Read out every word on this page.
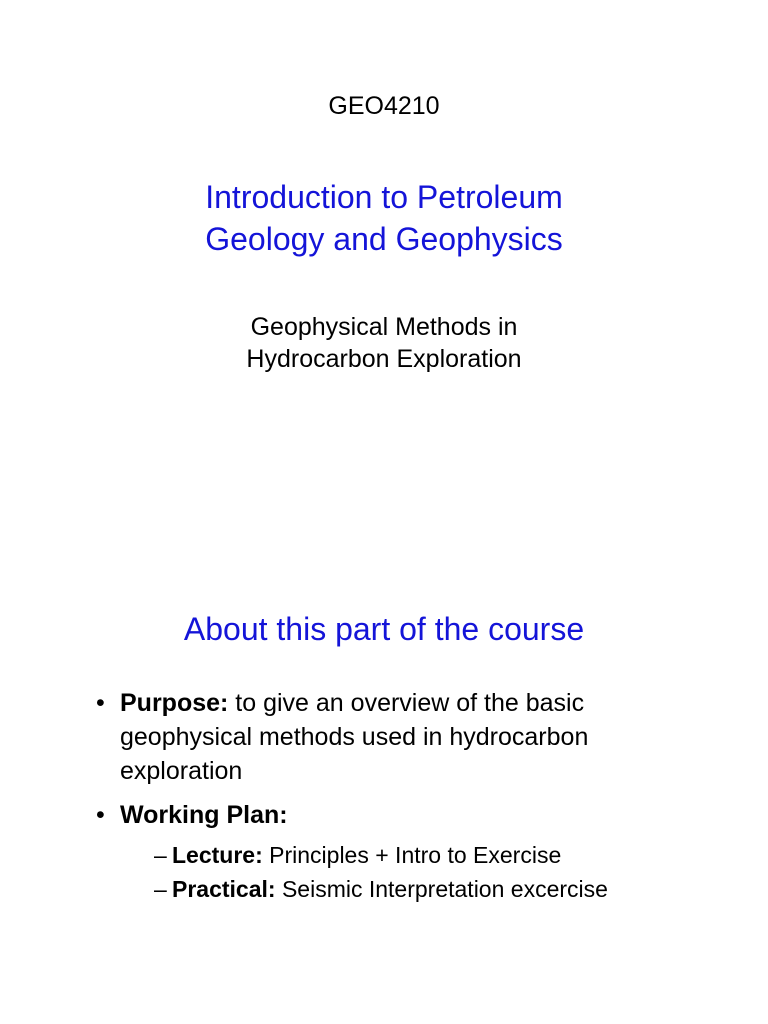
GEO4210
Introduction to Petroleum
Geology and Geophysics
Geophysical Methods in
Hydrocarbon Exploration
About this part of the course
• Purpose: to give an overview of the basic geophysical methods used in hydrocarbon exploration
• Working Plan:
– Lecture: Principles + Intro to Exercise
– Practical: Seismic Interpretation excercise
